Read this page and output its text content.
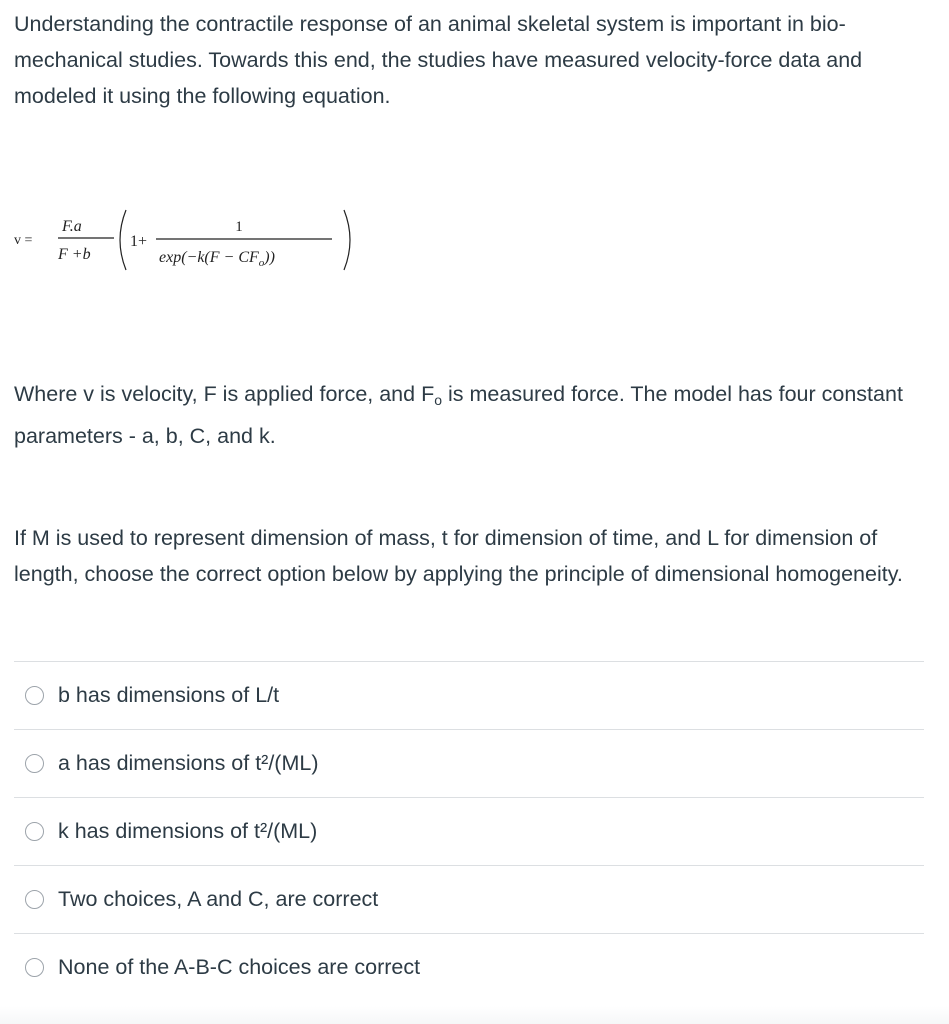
Understanding the contractile response of an animal skeletal system is important in bio-mechanical studies. Towards this end, the studies have measured velocity-force data and modeled it using the following equation.

v =
F.a
F +b
1+
1
$\exp(-k(F - CF_o))$

Where v is velocity, F is applied force, and $F_o$ is measured force. The model has four constant parameters - a, b, C, and k.

If M is used to represent dimension of mass, t for dimension of time, and L for dimension of length, choose the correct option below by applying the principle of dimensional homogeneity.

b has dimensions of L/t
a has dimensions of t²/(ML)
k has dimensions of t²/(ML)
Two choices, A and C, are correct
None of the A-B-C choices are correct
